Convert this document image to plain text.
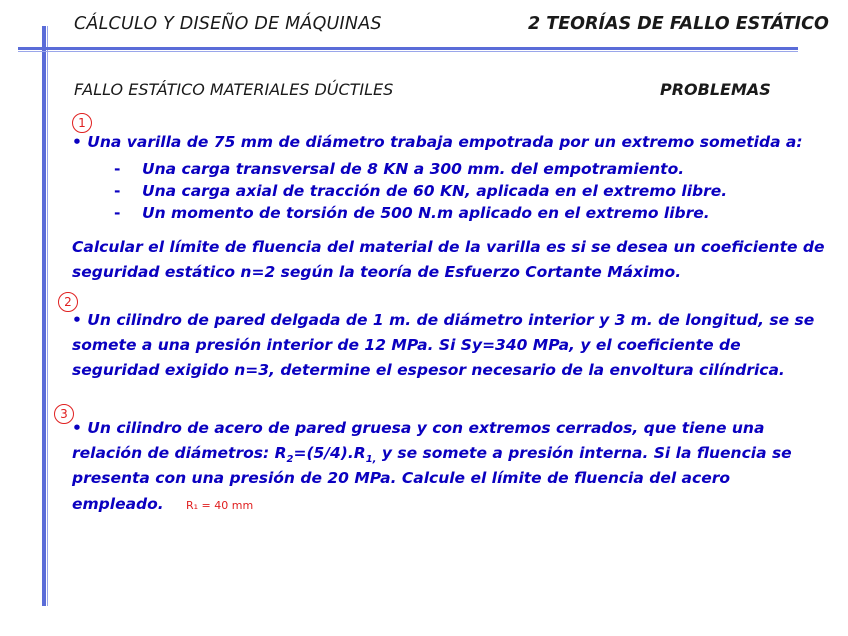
CÁLCULO Y DISEÑO DE MÁQUINAS	2 TEORÍAS DE FALLO ESTÁTICO
FALLO ESTÁTICO MATERIALES DÚCTILES	PROBLEMAS
1
• Una varilla de 75 mm de diámetro trabaja empotrada por un extremo sometida a:
- Una carga transversal de 8 KN a 300 mm. del empotramiento.
- Una carga axial de tracción de 60 KN, aplicada en el extremo libre.
- Un momento de torsión de 500 N.m aplicado en el extremo libre.
Calcular el límite de fluencia del material de la varilla es si se desea un coeficiente de
seguridad estático n=2 según la teoría de Esfuerzo Cortante Máximo.
2
• Un cilindro de pared delgada de 1 m. de diámetro interior y 3 m. de longitud, se se
somete a una presión interior de 12 MPa. Si Sy=340 MPa, y el coeficiente de
seguridad exigido n=3, determine el espesor necesario de la envoltura cilíndrica.
3
• Un cilindro de acero de pared gruesa y con extremos cerrados, que tiene una
relación de diámetros: $R_2=(5/4).R_{1,}$ y se somete a presión interna. Si la fluencia se
presenta con una presión de 20 MPa. Calcule el límite de fluencia del acero
empleado. R₁ = 40 mm
